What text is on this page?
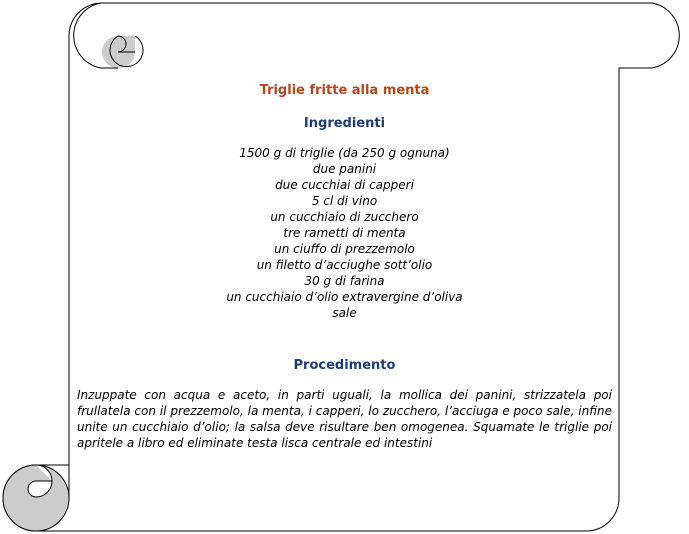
Triglie fritte alla menta

Ingredienti

1500 g di triglie (da 250 g ognuna)
due panini
due cucchiai di capperi
5 cl di vino
un cucchiaio di zucchero
tre rametti di menta
un ciuffo di prezzemolo
un filetto d’acciughe sott’olio
30 g di farina
un cucchiaio d’olio extravergine d’oliva
sale

Procedimento

Inzuppate con acqua e aceto, in parti uguali, la mollica dei panini, strizzatela poi frullatela con il prezzemolo, la menta, i capperi, lo zucchero, l’acciuga e poco sale, infine unite un cucchiaio d’olio; la salsa deve risultare ben omogenea. Squamate le triglie poi apritele a libro ed eliminate testa lisca centrale ed intestini
